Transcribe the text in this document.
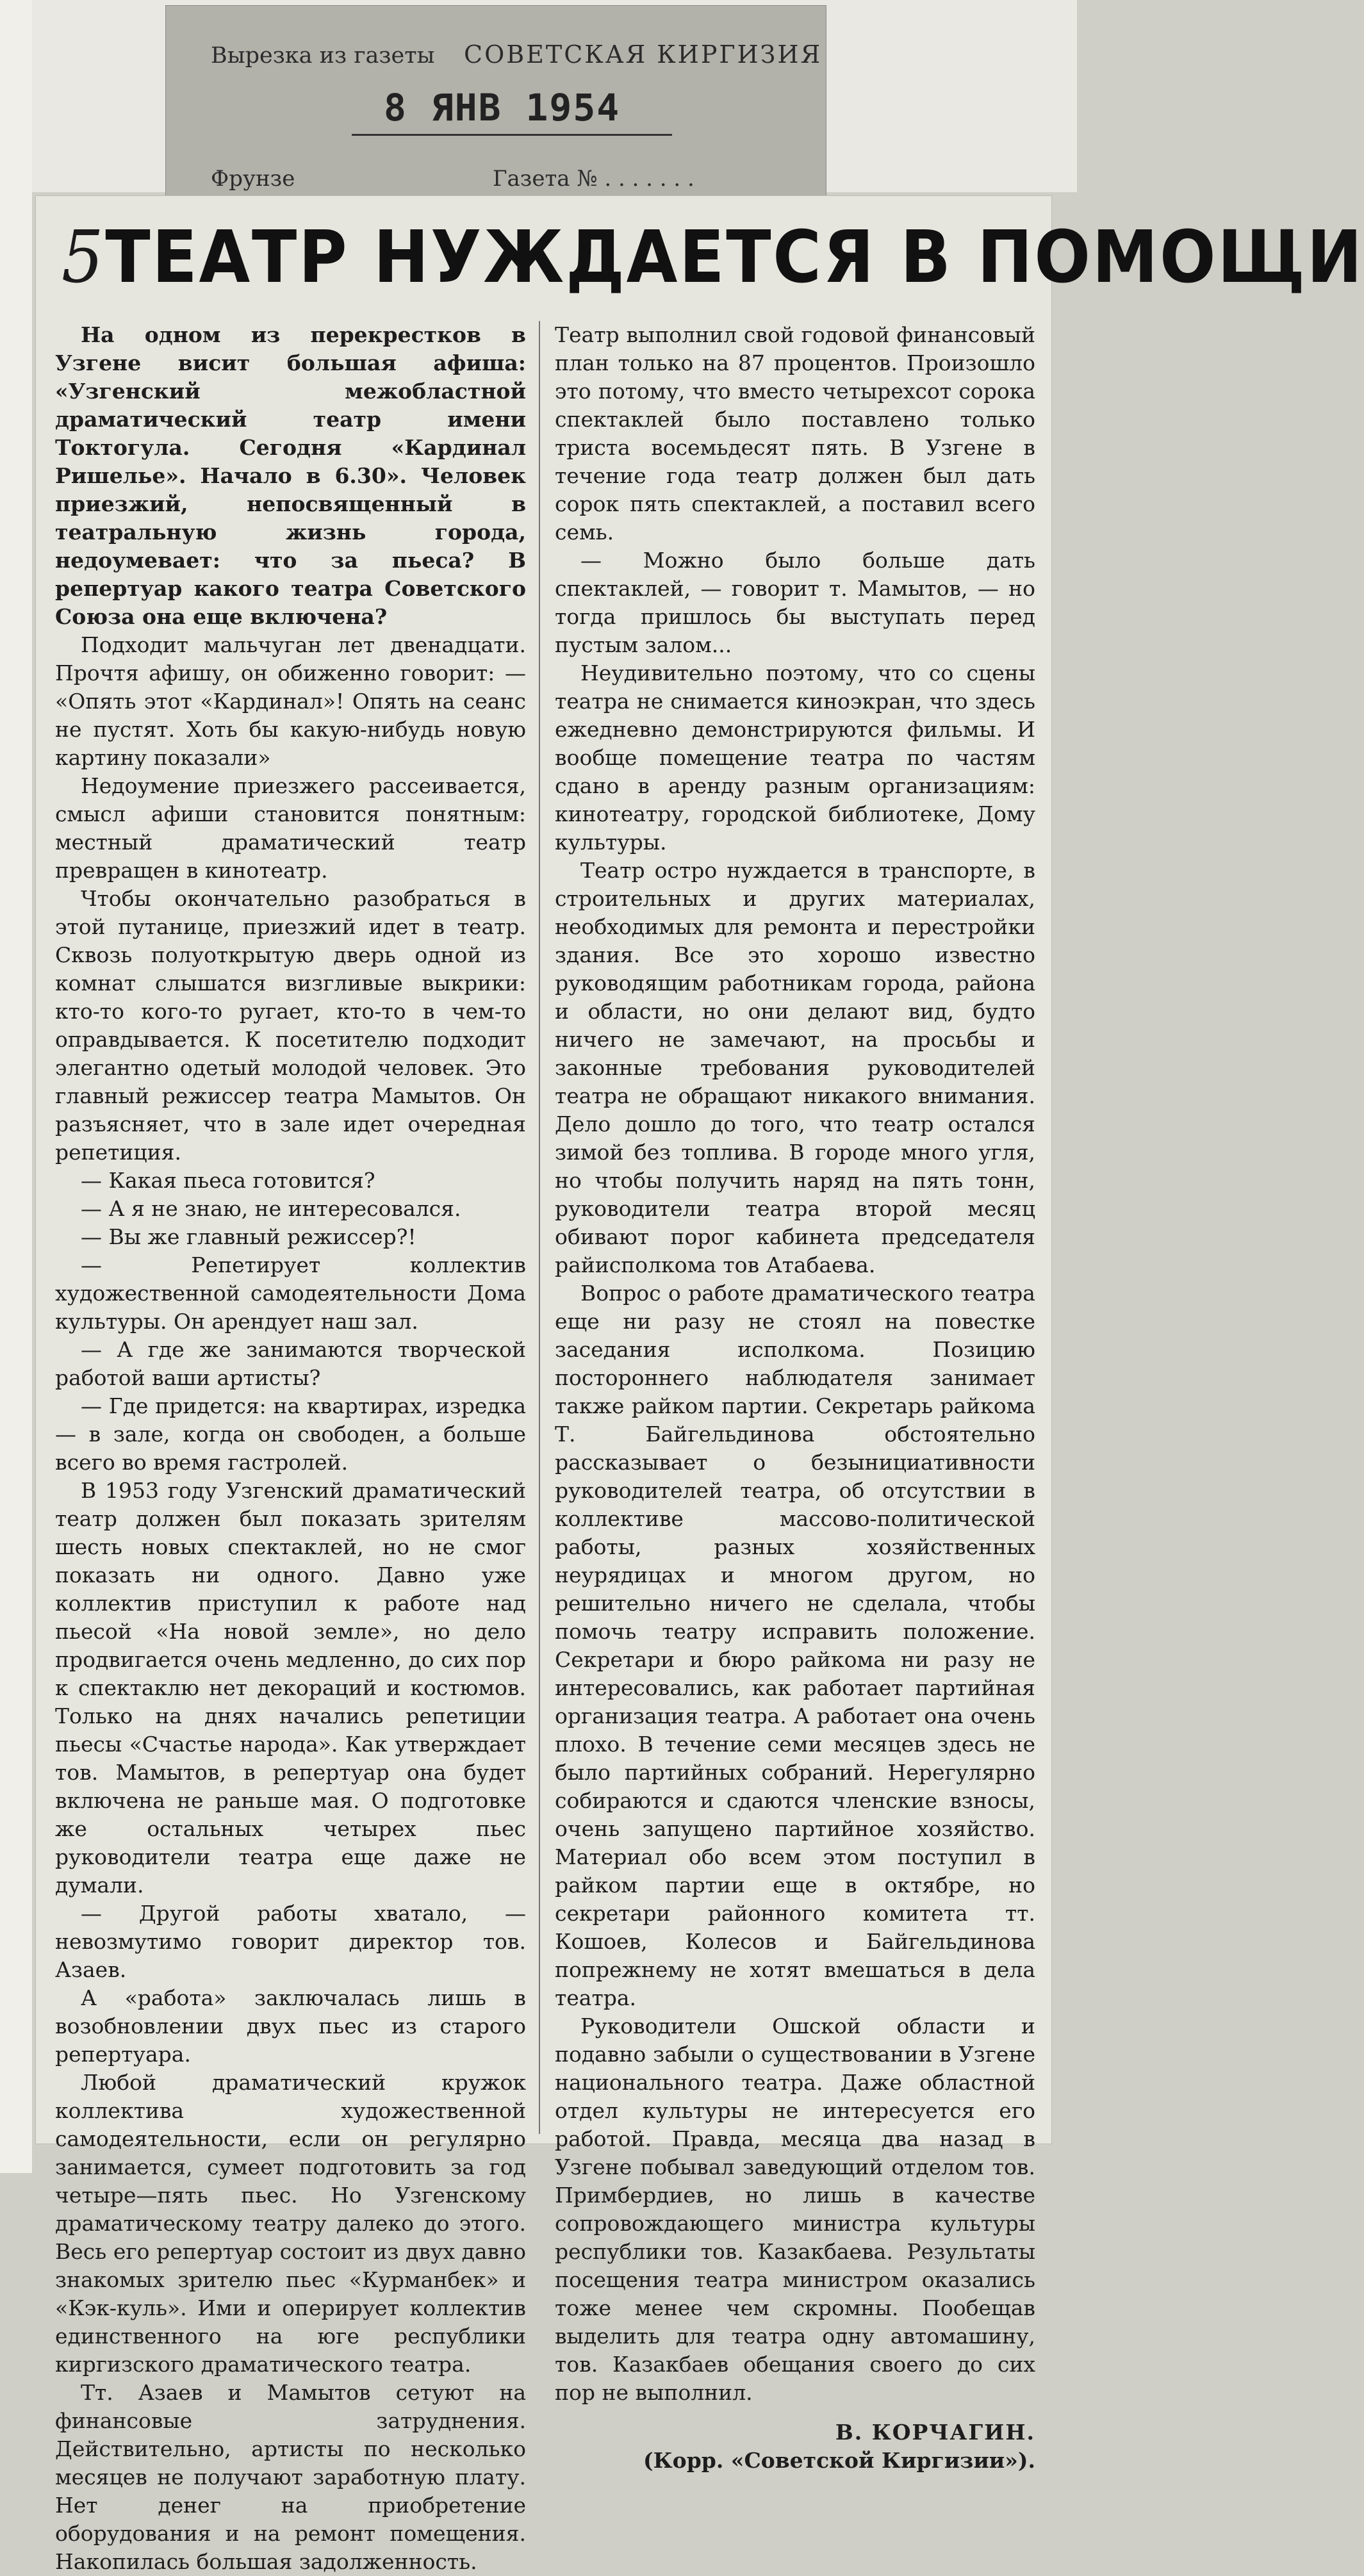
Вырезка из газеты СОВЕТСКАЯ КИРГИЗИЯ
8 ЯНВ 1954
Фрунзе	Газета № . . . . . . .
5ТЕАТР НУЖДАЕТСЯ В ПОМОЩИ

На одном из перекрестков в Узгене висит большая афиша: «Узгенский межобластной драматический театр имени Токтогула. Сегодня «Кардинал Ришелье». Начало в 6.30». Человек приезжий, непосвященный в театральную жизнь города, недоумевает: что за пьеса? В репертуар какого театра Советского Союза она еще включена?

Подходит мальчуган лет двенадцати. Прочтя афишу, он обиженно говорит: — «Опять этот «Кардинал»! Опять на сеанс не пустят. Хоть бы какую-нибудь новую картину показали»

Недоумение приезжего рассеивается, смысл афиши становится понятным: местный драматический театр превращен в кинотеатр.

Чтобы окончательно разобраться в этой путанице, приезжий идет в театр. Сквозь полуоткрытую дверь одной из комнат слышатся визгливые выкрики: кто-то кого-то ругает, кто-то в чем-то оправдывается. К посетителю подходит элегантно одетый молодой человек. Это главный режиссер театра Мамытов. Он разъясняет, что в зале идет очередная репетиция.

— Какая пьеса готовится?

— А я не знаю, не интересовался.

— Вы же главный режиссер?!

— Репетирует коллектив художественной самодеятельности Дома культуры. Он арендует наш зал.

— А где же занимаются творческой работой ваши артисты?

— Где придется: на квартирах, изредка — в зале, когда он свободен, а больше всего во время гастролей.

В 1953 году Узгенский драматический театр должен был показать зрителям шесть новых спектаклей, но не смог показать ни одного. Давно уже коллектив приступил к работе над пьесой «На новой земле», но дело продвигается очень медленно, до сих пор к спектаклю нет декораций и костюмов. Только на днях начались репетиции пьесы «Счастье народа». Как утверждает тов. Мамытов, в репертуар она будет включена не раньше мая. О подготовке же остальных четырех пьес руководители театра еще даже не думали.

— Другой работы хватало, — невозмутимо говорит директор тов. Азаев.

А «работа» заключалась лишь в возобновлении двух пьес из старого репертуара.

Любой драматический кружок коллектива художественной самодеятельности, если он регулярно занимается, сумеет подготовить за год четыре—пять пьес. Но Узгенскому драматическому театру далеко до этого. Весь его репертуар состоит из двух давно знакомых зрителю пьес «Курманбек» и «Кэк-куль». Ими и оперирует коллектив единственного на юге республики киргизского драматического театра.

Тт. Азаев и Мамытов сетуют на финансовые затруднения. Действительно, артисты по несколько месяцев не получают заработную плату. Нет денег на приобретение оборудования и на ремонт помещения. Накопилась большая задолженность.

Театр выполнил свой годовой финансовый план только на 87 процентов. Произошло это потому, что вместо четырехсот сорока спектаклей было поставлено только триста восемьдесят пять. В Узгене в течение года театр должен был дать сорок пять спектаклей, а поставил всего семь.

— Можно было больше дать спектаклей, — говорит т. Мамытов, — но тогда пришлось бы выступать перед пустым залом...

Неудивительно поэтому, что со сцены театра не снимается киноэкран, что здесь ежедневно демонстрируются фильмы. И вообще помещение театра по частям сдано в аренду разным организациям: кинотеатру, городской библиотеке, Дому культуры.

Театр остро нуждается в транспорте, в строительных и других материалах, необходимых для ремонта и перестройки здания. Все это хорошо известно руководящим работникам города, района и области, но они делают вид, будто ничего не замечают, на просьбы и законные требования руководителей театра не обращают никакого внимания. Дело дошло до того, что театр остался зимой без топлива. В городе много угля, но чтобы получить наряд на пять тонн, руководители театра второй месяц обивают порог кабинета председателя райисполкома тов Атабаева.

Вопрос о работе драматического театра еще ни разу не стоял на повестке заседания исполкома. Позицию постороннего наблюдателя занимает также райком партии. Секретарь райкома Т. Байгельдинова обстоятельно рассказывает о безынициативности руководителей театра, об отсутствии в коллективе массово-политической работы, разных хозяйственных неурядицах и многом другом, но решительно ничего не сделала, чтобы помочь театру исправить положение. Секретари и бюро райкома ни разу не интересовались, как работает партийная организация театра. А работает она очень плохо. В течение семи месяцев здесь не было партийных собраний. Нерегулярно собираются и сдаются членские взносы, очень запущено партийное хозяйство. Материал обо всем этом поступил в райком партии еще в октябре, но секретари районного комитета тт. Кошоев, Колесов и Байгельдинова попрежнему не хотят вмешаться в дела театра.

Руководители Ошской области и подавно забыли о существовании в Узгене национального театра. Даже областной отдел культуры не интересуется его работой. Правда, месяца два назад в Узгене побывал заведующий отделом тов. Примбердиев, но лишь в качестве сопровождающего министра культуры республики тов. Казакбаева. Результаты посещения театра министром оказались тоже менее чем скромны. Пообещав выделить для театра одну автомашину, тов. Казакбаев обещания своего до сих пор не выполнил.

В. КОРЧАГИН.

(Корр. «Советской Киргизии»).
